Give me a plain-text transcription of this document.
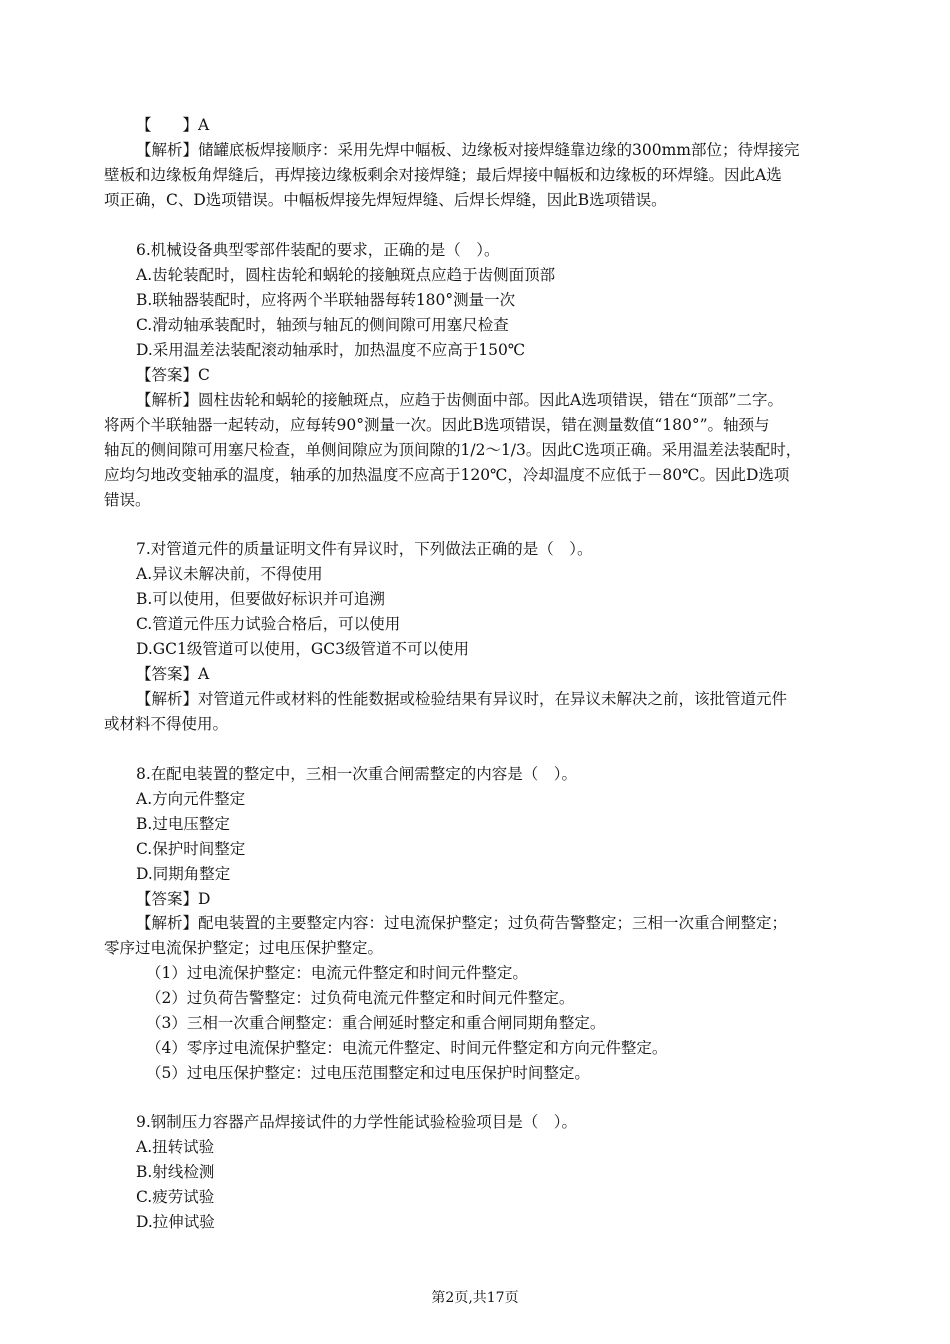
【　　】A
【解析】储罐底板焊接顺序：采用先焊中幅板、边缘板对接焊缝靠边缘的300mm部位；待焊接完
壁板和边缘板角焊缝后，再焊接边缘板剩余对接焊缝；最后焊接中幅板和边缘板的环焊缝。因此A选
项正确，C、D选项错误。中幅板焊接先焊短焊缝、后焊长焊缝，因此B选项错误。
6.机械设备典型零部件装配的要求，正确的是（　）。
A.齿轮装配时，圆柱齿轮和蜗轮的接触斑点应趋于齿侧面顶部
B.联轴器装配时，应将两个半联轴器每转180°测量一次
C.滑动轴承装配时，轴颈与轴瓦的侧间隙可用塞尺检查
D.采用温差法装配滚动轴承时，加热温度不应高于150℃
【答案】C
【解析】圆柱齿轮和蜗轮的接触斑点，应趋于齿侧面中部。因此A选项错误，错在“顶部”二字。
将两个半联轴器一起转动，应每转90°测量一次。因此B选项错误，错在测量数值“180°”。轴颈与
轴瓦的侧间隙可用塞尺检查，单侧间隙应为顶间隙的1/2～1/3。因此C选项正确。采用温差法装配时，
应均匀地改变轴承的温度，轴承的加热温度不应高于120℃，冷却温度不应低于－80℃。因此D选项
错误。
7.对管道元件的质量证明文件有异议时，下列做法正确的是（　）。
A.异议未解决前，不得使用
B.可以使用，但要做好标识并可追溯
C.管道元件压力试验合格后，可以使用
D.GC1级管道可以使用，GC3级管道不可以使用
【答案】A
【解析】对管道元件或材料的性能数据或检验结果有异议时，在异议未解决之前，该批管道元件
或材料不得使用。
8.在配电装置的整定中，三相一次重合闸需整定的内容是（　）。
A.方向元件整定
B.过电压整定
C.保护时间整定
D.同期角整定
【答案】D
【解析】配电装置的主要整定内容：过电流保护整定；过负荷告警整定；三相一次重合闸整定；
零序过电流保护整定；过电压保护整定。
（1）过电流保护整定：电流元件整定和时间元件整定。
（2）过负荷告警整定：过负荷电流元件整定和时间元件整定。
（3）三相一次重合闸整定：重合闸延时整定和重合闸同期角整定。
（4）零序过电流保护整定：电流元件整定、时间元件整定和方向元件整定。
（5）过电压保护整定：过电压范围整定和过电压保护时间整定。
9.钢制压力容器产品焊接试件的力学性能试验检验项目是（　）。
A.扭转试验
B.射线检测
C.疲劳试验
D.拉伸试验
第2页,共17页
